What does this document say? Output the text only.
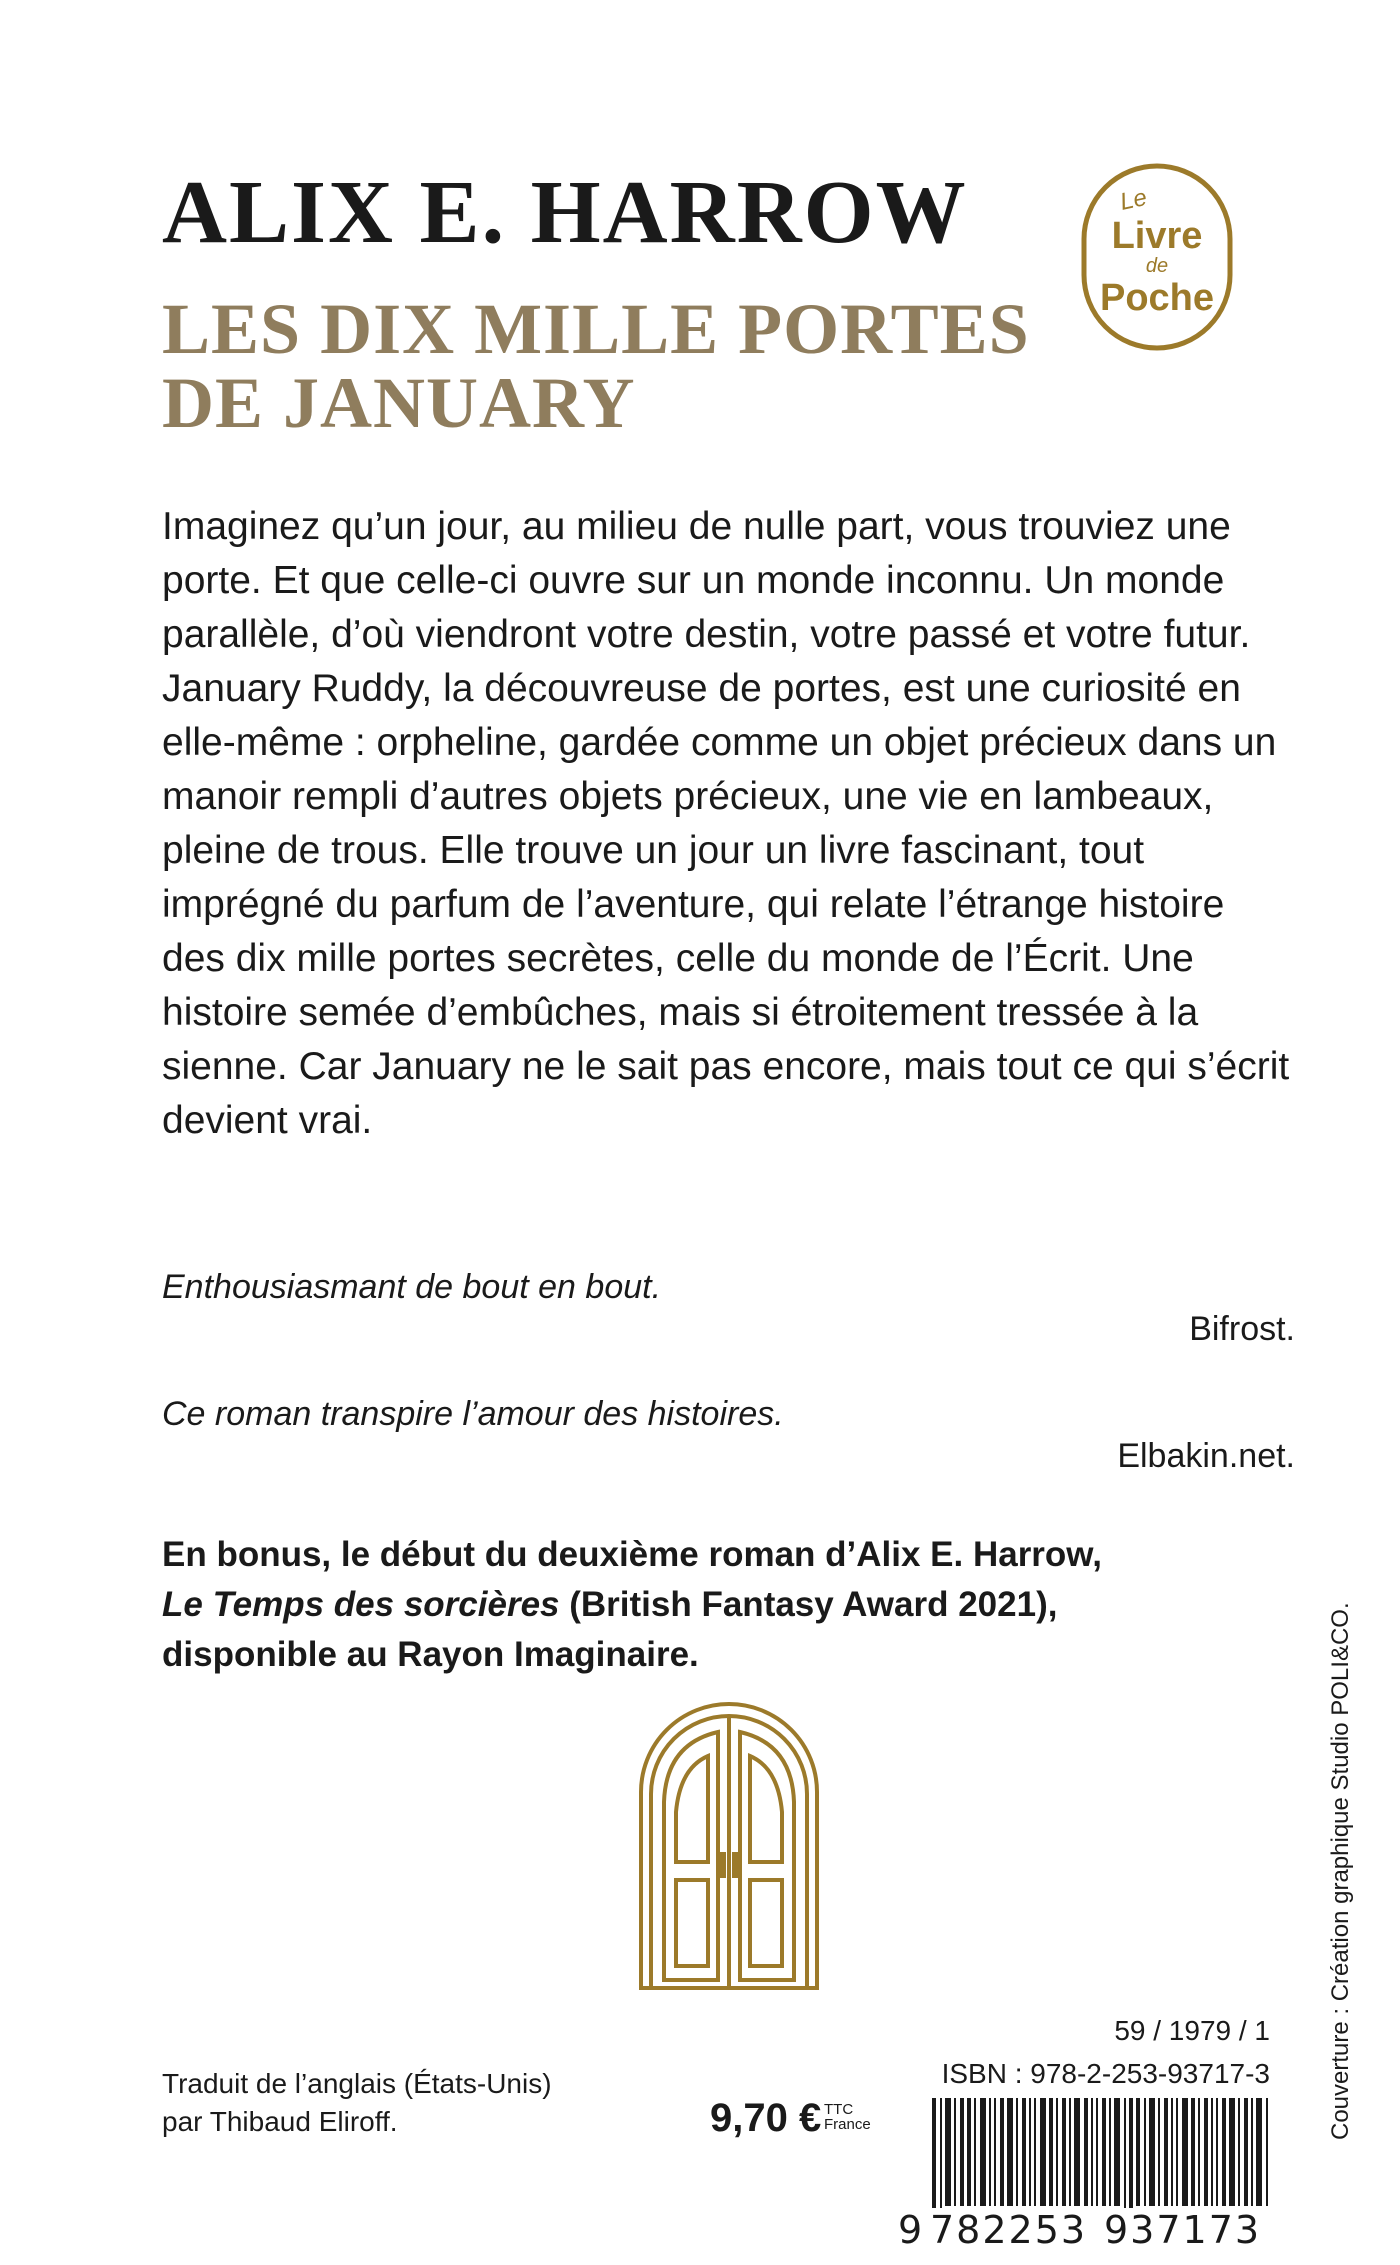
ALIX E. HARROW
LES DIX MILLE PORTES
DE JANUARY
Le
Livre
de
Poche

Imaginez qu’un jour, au milieu de nulle part, vous trouviez une porte. Et que celle-ci ouvre sur un monde inconnu. Un monde parallèle, d’où viendront votre destin, votre passé et votre futur. January Ruddy, la découvreuse de portes, est une curiosité en elle-même : orpheline, gardée comme un objet précieux dans un manoir rempli d’autres objets précieux, une vie en lambeaux, pleine de trous. Elle trouve un jour un livre fascinant, tout imprégné du parfum de l’aventure, qui relate l’étrange histoire des dix mille portes secrètes, celle du monde de l’Écrit. Une histoire semée d’embûches, mais si étroitement tressée à la sienne. Car January ne le sait pas encore, mais tout ce qui s’écrit devient vrai.

Enthousiasmant de bout en bout.

Bifrost.

Ce roman transpire l’amour des histoires.

Elbakin.net.

En bonus, le début du deuxième roman d’Alix E. Harrow,
Le Temps des sorcières (British Fantasy Award 2021),
disponible au Rayon Imaginaire.	Couverture : Création graphique Studio POLI&CO.

Traduit de l’anglais (États-Unis)
par Thibaud Eliroff.	9,70 € TTC
France

59 / 1979 / 1

ISBN : 978-2-253-93717-3

9 782253 937173
